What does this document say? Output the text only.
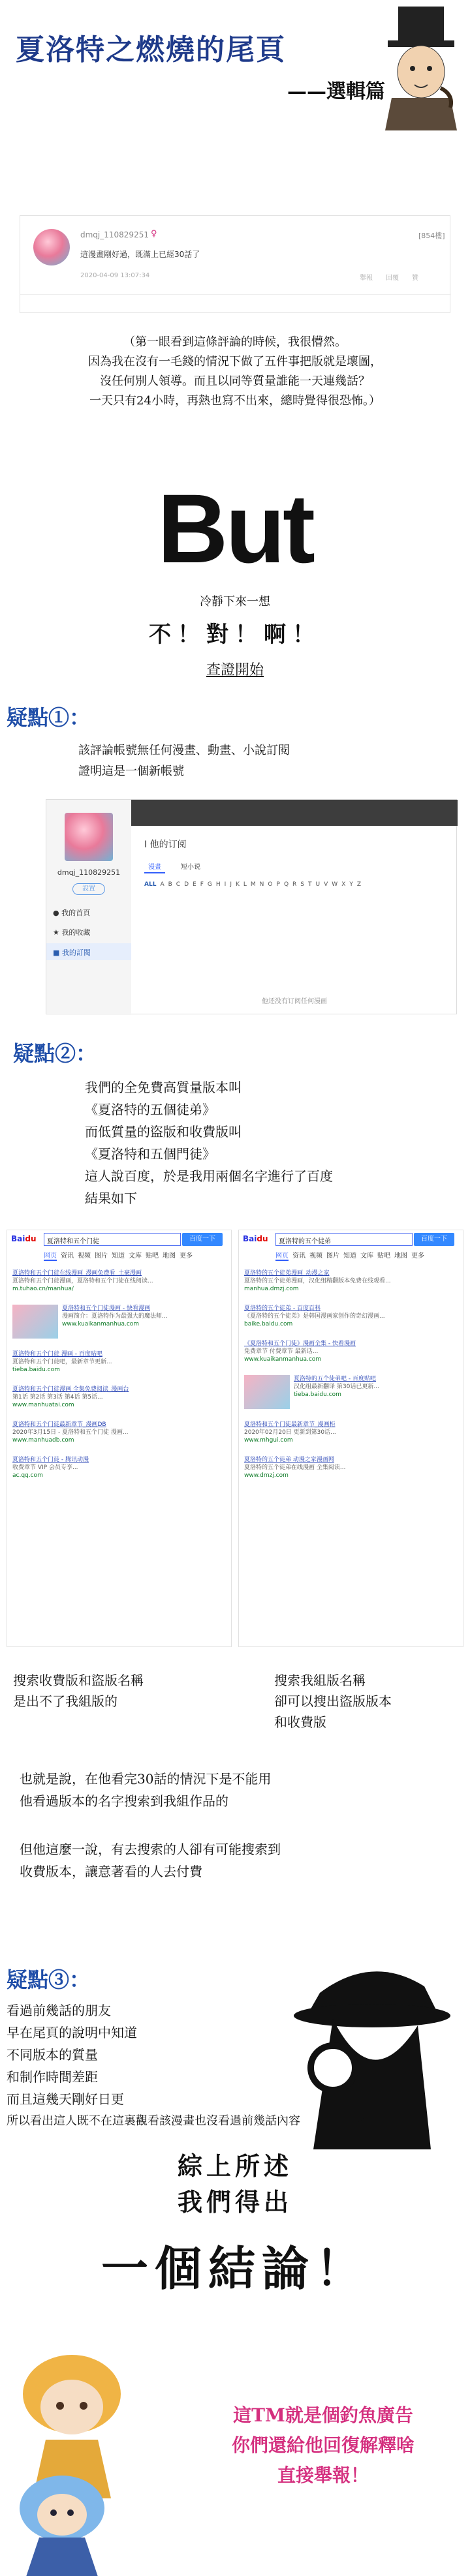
夏洛特之燃燒的尾頁
——選輯篇
dmqj_110829251 ♀	[854樓]
這漫畫剛好過，既滿上已經30話了
2020-04-09 13:07:34	舉報 回覆 贊
（第一眼看到這條評論的時候，我很懵然。
因為我在沒有一毛錢的情況下做了五件事把版就是壞圖，
沒任何別人領導。而且以同等質量誰能一天連幾話？
一天只有24小時，再熱也寫不出來，總時覺得很恐怖。）
But
冷靜下來一想
不！對！啊！
查證開始
疑點①：
該評論帳號無任何漫畫、動畫、小說訂閱
證明這是一個新帳號
dmqj_110829251
設置
● 我的首頁
★ 我的收藏
■ 我的訂閱
I 他的订阅
漫畫	短小说
ALL A B C D E F G H I J K L M N O P Q R S T U V W X Y Z
他还没有订阅任何漫画
疑點②：
我們的全免費高質量版本叫
《夏洛特的五個徒弟》
而低質量的盜版和收費版叫
《夏洛特和五個門徒》
這人說百度，於是我用兩個名字進行了百度
結果如下
Baidu	夏洛特和五个门徒	百度一下
网页 资讯 视频 图片 知道 文库 贴吧 地图 更多
夏洛特和五个门徒在线漫画_漫画免费看_土豪漫画
夏洛特和五个门徒漫画，夏洛特和五个门徒在线阅读...
m.tuhao.cn/manhua/
夏洛特和五个门徒漫画 - 快看漫画
漫画简介：夏洛特作为最强大的魔法师...
www.kuaikanmanhua.com
夏洛特和五个门徒 漫画 - 百度贴吧
夏洛特和五个门徒吧，最新章节更新...
tieba.baidu.com
夏洛特和五个门徒漫画 全集免费阅读_漫画台
第1话 第2话 第3话 第4话 第5话...
www.manhuatai.com
夏洛特和五个门徒最新章节_漫画DB
2020年3月15日 - 夏洛特和五个门徒 漫画...
www.manhuadb.com
夏洛特和五个门徒 - 腾讯动漫
收费章节 VIP 会员专享...
ac.qq.com
Baidu	夏洛特的五个徒弟	百度一下
网页 资讯 视频 图片 知道 文库 贴吧 地图 更多
夏洛特的五个徒弟漫画_动漫之家
夏洛特的五个徒弟漫画，汉化组精翻版本免费在线观看...
manhua.dmzj.com
夏洛特的五个徒弟 - 百度百科
《夏洛特的五个徒弟》是韩国漫画家创作的奇幻漫画...
baike.baidu.com
《夏洛特和五个门徒》漫画全集 - 快看漫画
免费章节 付费章节 最新话...
www.kuaikanmanhua.com
夏洛特的五个徒弟吧 - 百度贴吧
汉化组最新翻译 第30话已更新...
tieba.baidu.com
夏洛特和五个门徒最新章节_漫画柜
2020年02月20日 更新到第30话...
www.mhgui.com
夏洛特的五个徒弟 动漫之家漫画网
夏洛特的五个徒弟在线漫画 全集阅读...
www.dmzj.com
搜索收費版和盜版名稱
是出不了我組版的
搜索我組版名稱
卻可以搜出盜版版本
和收費版
也就是說，在他看完30話的情況下是不能用
他看過版本的名字搜索到我組作品的
但他這麼一說，有去搜索的人卻有可能搜索到
收費版本，讓意著看的人去付費
疑點③：
看過前幾話的朋友
早在尾頁的說明中知道
不同版本的質量
和制作時間差距
而且這幾天剛好日更
所以看出這人既不在這裏觀看該漫畫也沒看過前幾話內容
綜上所述
我們得出
一個結論！
這TM就是個釣魚廣告
你們還給他回復解釋啥
直接舉報！
